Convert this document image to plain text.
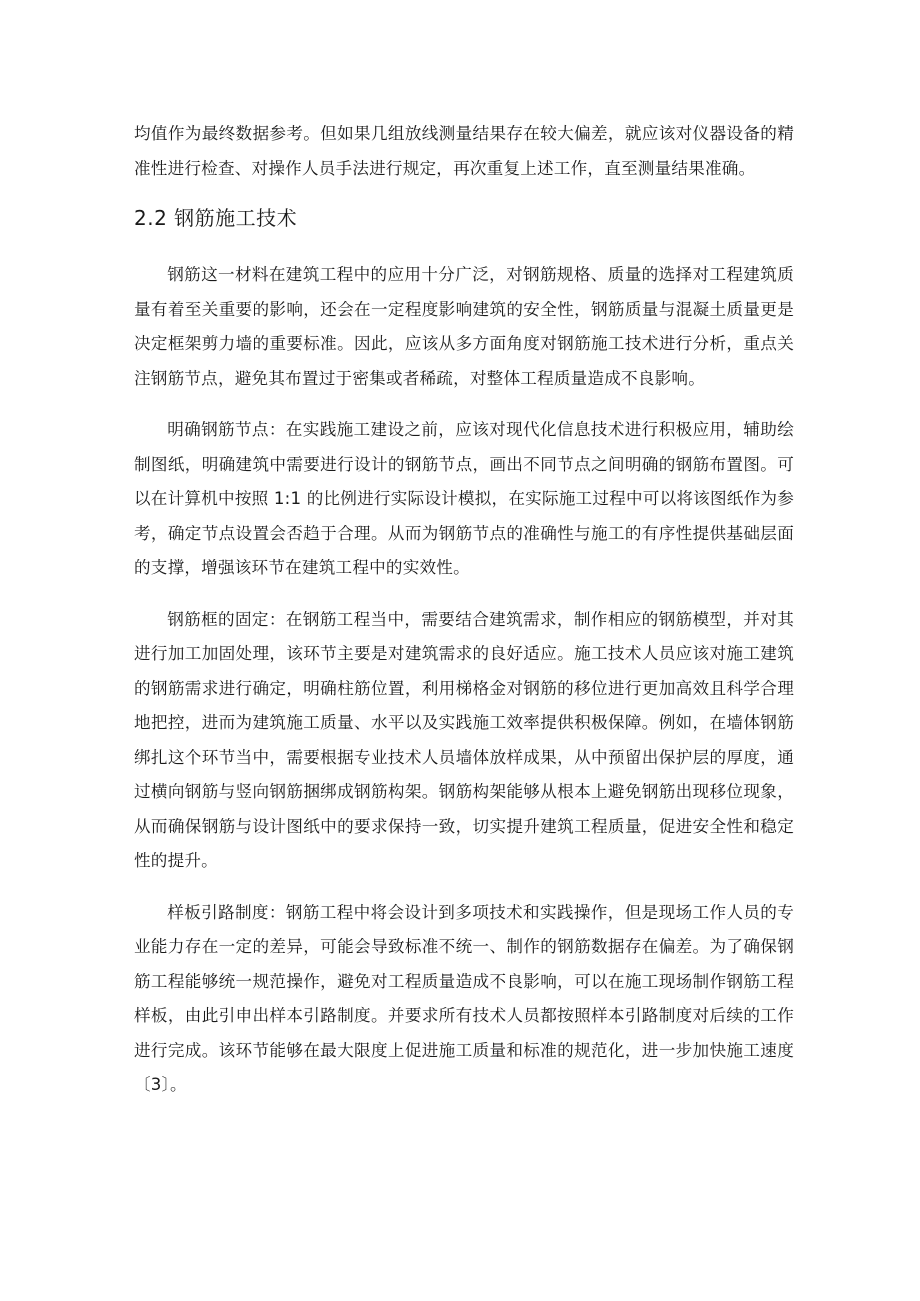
均值作为最终数据参考。但如果几组放线测量结果存在较大偏差，就应该对仪器设备的精准性进行检查、对操作人员手法进行规定，再次重复上述工作，直至测量结果准确。

2.2 钢筋施工技术

钢筋这一材料在建筑工程中的应用十分广泛，对钢筋规格、质量的选择对工程建筑质量有着至关重要的影响，还会在一定程度影响建筑的安全性，钢筋质量与混凝土质量更是决定框架剪力墙的重要标准。因此，应该从多方面角度对钢筋施工技术进行分析，重点关注钢筋节点，避免其布置过于密集或者稀疏，对整体工程质量造成不良影响。

明确钢筋节点：在实践施工建设之前，应该对现代化信息技术进行积极应用，辅助绘制图纸，明确建筑中需要进行设计的钢筋节点，画出不同节点之间明确的钢筋布置图。可以在计算机中按照 1:1 的比例进行实际设计模拟，在实际施工过程中可以将该图纸作为参考，确定节点设置会否趋于合理。从而为钢筋节点的准确性与施工的有序性提供基础层面的支撑，增强该环节在建筑工程中的实效性。

钢筋框的固定：在钢筋工程当中，需要结合建筑需求，制作相应的钢筋模型，并对其进行加工加固处理，该环节主要是对建筑需求的良好适应。施工技术人员应该对施工建筑的钢筋需求进行确定，明确柱筋位置，利用梯格金对钢筋的移位进行更加高效且科学合理地把控，进而为建筑施工质量、水平以及实践施工效率提供积极保障。例如，在墙体钢筋绑扎这个环节当中，需要根据专业技术人员墙体放样成果，从中预留出保护层的厚度，通过横向钢筋与竖向钢筋捆绑成钢筋构架。钢筋构架能够从根本上避免钢筋出现移位现象，从而确保钢筋与设计图纸中的要求保持一致，切实提升建筑工程质量，促进安全性和稳定性的提升。

样板引路制度：钢筋工程中将会设计到多项技术和实践操作，但是现场工作人员的专业能力存在一定的差异，可能会导致标准不统一、制作的钢筋数据存在偏差。为了确保钢筋工程能够统一规范操作，避免对工程质量造成不良影响，可以在施工现场制作钢筋工程样板，由此引申出样本引路制度。并要求所有技术人员都按照样本引路制度对后续的工作进行完成。该环节能够在最大限度上促进施工质量和标准的规范化，进一步加快施工速度〔3〕。
